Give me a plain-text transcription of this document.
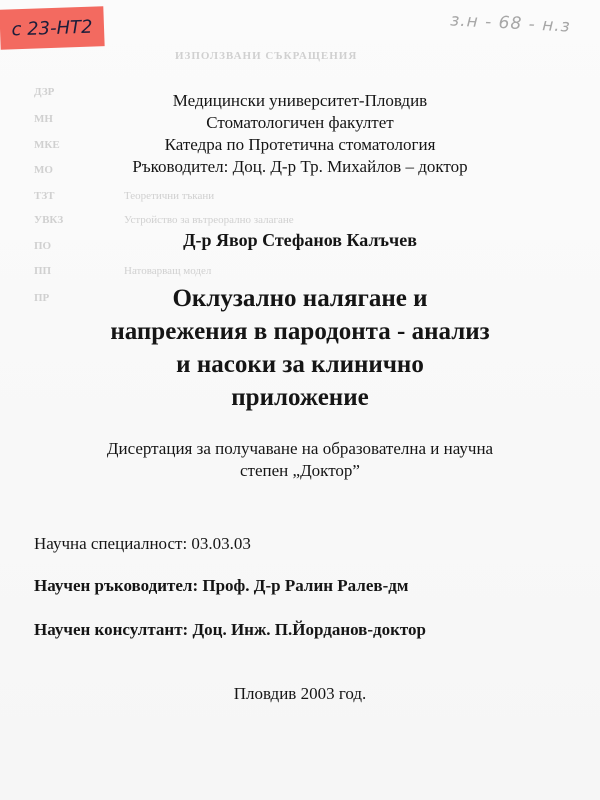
ИЗПОЛЗВАНИ СЪКРАЩЕНИЯ
ДЗР
МН
МКЕ
МО
ТЗТ
УВКЗ
ПО
ПП
ПР
Теоретични тъкани
Устройство за вътреорално залагане
Натоварващ модел
с 23-НТ2	з.н - 68 - н.з
Медицински университет-Пловдив
Стоматологичен факултет
Катедра по Протетична стоматология
Ръководител: Доц. Д-р Тр. Михайлов – доктор
Д-р Явор Стефанов Калъчев
Оклузално налягане и
напрежения в пародонта - анализ
и насоки за клинично
приложение
Дисертация за получаване на образователна и научна
степен „Доктор”
Научна специалност: 03.03.03
Научен ръководител: Проф. Д-р Ралин Ралев-дм
Научен консултант: Доц. Инж. П.Йорданов-доктор
Пловдив 2003 год.
